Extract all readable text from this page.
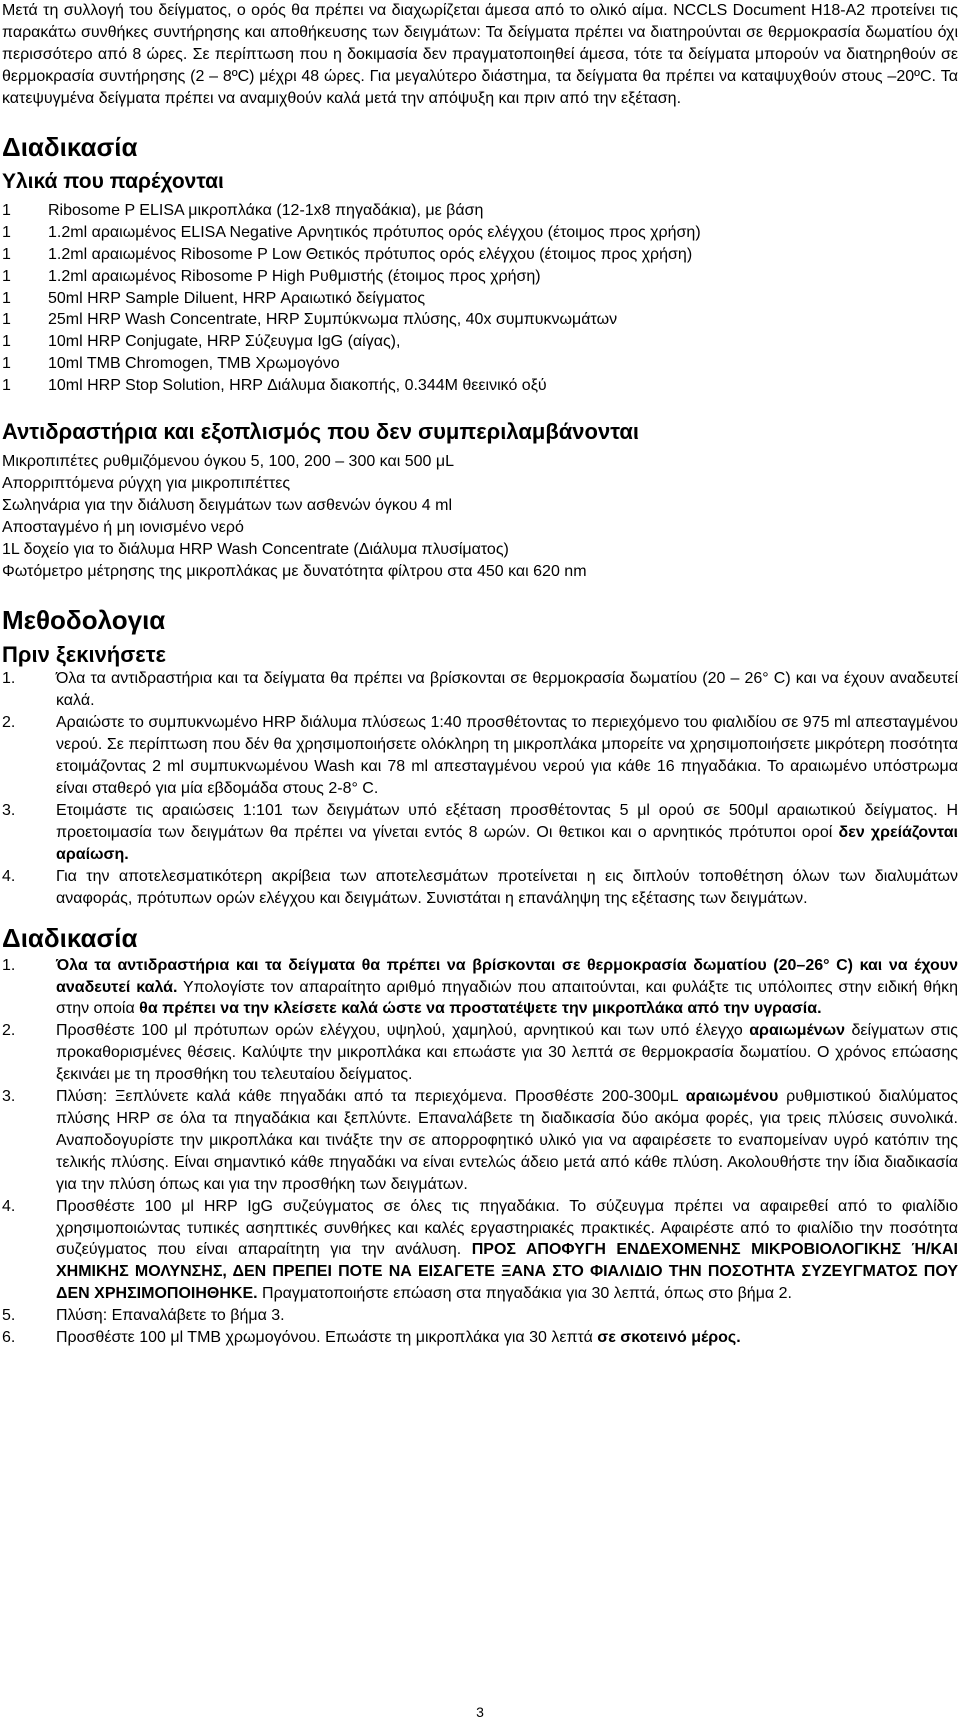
Μετά τη συλλογή του δείγματος, ο ορός θα πρέπει να διαχωρίζεται άμεσα από το ολικό αίμα. NCCLS Document H18-A2 προτείνει τις παρακάτω συνθήκες συντήρησης και αποθήκευσης των δειγμάτων: Τα δείγματα πρέπει να διατηρούνται σε θερμοκρασία δωματίου όχι περισσότερο από 8 ώρες. Σε περίπτωση που η δοκιμασία δεν πραγματοποιηθεί άμεσα, τότε τα δείγματα μπορούν να διατηρηθούν σε θερμοκρασία συντήρησης (2 – 8ºC) μέχρι 48 ώρες. Για μεγαλύτερο διάστημα, τα δείγματα θα πρέπει να καταψυχθούν στους –20ºC. Τα κατεψυγμένα δείγματα πρέπει να αναμιχθούν καλά μετά την απόψυξη και πριν από την εξέταση.

Διαδικασία
Υλικά που παρέχονται
1	Ribosome P ELISA μικροπλάκα (12-1x8 πηγαδάκια), με βάση
1	1.2ml αραιωμένος ELISA Negative Αρνητικός πρότυπος ορός ελέγχου (έτοιμος προς χρήση)
1	1.2ml αραιωμένος Ribosome P Low Θετικός πρότυπος ορός ελέγχου (έτοιμος προς χρήση)
1	1.2ml αραιωμένος Ribosome P High Ρυθμιστής (έτοιμος προς χρήση)
1	50ml HRP Sample Diluent, HRP Αραιωτικό δείγματος
1	25ml HRP Wash Concentrate, HRP Συμπύκνωμα πλύσης, 40x συμπυκνωμάτων
1	10ml HRP Conjugate, HRP Σύζευγμα IgG (αίγας),
1	10ml TMB Chromogen, TMB Χρωμογόνο
1	10ml HRP Stop Solution, HRP Διάλυμα διακοπής, 0.344M θεεινικό οξύ
Αντιδραστήρια και εξοπλισμός που δεν συμπεριλαμβάνονται

Μικροπιπέτες ρυθμιζόμενου όγκου 5, 100, 200 – 300 και 500 μL

Απορριπτόμενα ρύγχη για μικροπιπέττες

Σωληνάρια για την διάλυση δειγμάτων των ασθενών όγκου 4 ml

Αποσταγμένο ή μη ιονισμένο νερό

1L δοχείο για το διάλυμα HRP Wash Concentrate (Διάλυμα πλυσίματος)

Φωτόμετρο μέτρησης της μικροπλάκας με δυνατότητα φίλτρου στα 450 και 620 nm

Μεθοδολογια
Πριν ξεκινήσετε
1.	Όλα τα αντιδραστήρια και τα δείγματα θα πρέπει να βρίσκονται σε θερμοκρασία δωματίου (20 – 26° C) και να έχουν αναδευτεί καλά.
2.	Αραιώστε το συμπυκνωμένο HRP διάλυμα πλύσεως 1:40 προσθέτοντας το περιεχόμενο του φιαλιδίου σε 975 ml απεσταγμένου νερού. Σε περίπτωση που δέν θα χρησιμοποιήσετε ολόκληρη τη μικροπλάκα μπορείτε να χρησιμοποιήσετε μικρότερη ποσότητα ετοιμάζοντας 2 ml συμπυκνωμένου Wash και 78 ml απεσταγμένου νερού για κάθε 16 πηγαδάκια. Το αραιωμένο υπόστρωμα είναι σταθερό για μία εβδομάδα στους 2-8° C.
3.	Ετοιμάστε τις αραιώσεις 1:101 των δειγμάτων υπό εξέταση προσθέτοντας 5 μl ορού σε 500μl αραιωτικού δείγματος. Η προετοιμασία των δειγμάτων θα πρέπει να γίνεται εντός 8 ωρών. Οι θετικοι και ο αρνητικός πρότυποι οροί δεν χρείάζονται αραίωση.
4.	Για την αποτελεσματικότερη ακρίβεια των αποτελεσμάτων προτείνεται η εις διπλούν τοποθέτηση όλων των διαλυμάτων αναφοράς, πρότυπων ορών ελέγχου και δειγμάτων. Συνιστάται η επανάληψη της εξέτασης των δειγμάτων.
Διαδικασία
1.	Όλα τα αντιδραστήρια και τα δείγματα θα πρέπει να βρίσκονται σε θερμοκρασία δωματίου (20–26° C) και να έχουν αναδευτεί καλά. Υπολογίστε τον απαραίτητο αριθμό πηγαδιών που απαιτούνται, και φυλάξτε τις υπόλοιπες στην ειδική θήκη στην οποία θα πρέπει να την κλείσετε καλά ώστε να προστατέψετε την μικροπλάκα από την υγρασία.
2.	Προσθέστε 100 μl πρότυπων ορών ελέγχου, υψηλού, χαμηλού, αρνητικού και των υπό έλεγχο αραιωμένων δείγματων στις προκαθορισμένες θέσεις. Καλύψτε την μικροπλάκα και επωάστε για 30 λεπτά σε θερμοκρασία δωματίου. Ο χρόνος επώασης ξεκινάει με τη προσθήκη του τελευταίου δείγματος.
3.	Πλύση: Ξεπλύνετε καλά κάθε πηγαδάκι από τα περιεχόμενα. Προσθέστε 200-300μL αραιωμένου ρυθμιστικού διαλύματος πλύσης HRP σε όλα τα πηγαδάκια και ξεπλύντε. Επαναλάβετε τη διαδικασία δύο ακόμα φορές, για τρεις πλύσεις συνολικά. Αναποδογυρίστε την μικροπλάκα και τινάξτε την σε απορροφητικό υλικό για να αφαιρέσετε το εναπομείναν υγρό κατόπιν της τελικής πλύσης. Είναι σημαντικό κάθε πηγαδάκι να είναι εντελώς άδειο μετά από κάθε πλύση. Ακολουθήστε την ίδια διαδικασία για την πλύση όπως και για την προσθήκη των δειγμάτων.
4.	Προσθέστε 100 μl HRP IgG συζεύγματος σε όλες τις πηγαδάκια. Το σύζευγμα πρέπει να αφαιρεθεί από το φιαλίδιο χρησιμοποιώντας τυπικές ασηπτικές συνθήκες και καλές εργαστηριακές πρακτικές. Αφαιρέστε από το φιαλίδιο την ποσότητα συζεύγματος που είναι απαραίτητη για την ανάλυση. ΠΡΟΣ ΑΠΟΦΥΓΗ ΕΝΔΕΧΟΜΕΝΗΣ ΜΙΚΡΟΒΙΟΛΟΓΙΚΗΣ Ή/ΚΑΙ ΧΗΜΙΚΗΣ ΜΟΛΥΝΣΗΣ, ΔΕΝ ΠΡΕΠΕΙ ΠΟΤΕ ΝΑ ΕΙΣΑΓΕΤΕ ΞΑΝΑ ΣΤΟ ΦΙΑΛΙΔΙΟ ΤΗΝ ΠΟΣΟΤΗΤΑ ΣΥΖΕΥΓΜΑΤΟΣ ΠΟΥ ΔΕΝ ΧΡΗΣΙΜΟΠΟΙΗΘΗΚΕ. Πραγματοποιήστε επώαση στα πηγαδάκια για 30 λεπτά, όπως στο βήμα 2.
5.	Πλύση: Επαναλάβετε το βήμα 3.
6.	Προσθέστε 100 μl TMB χρωμογόνου. Επωάστε τη μικροπλάκα για 30 λεπτά σε σκοτεινό μέρος.
3
